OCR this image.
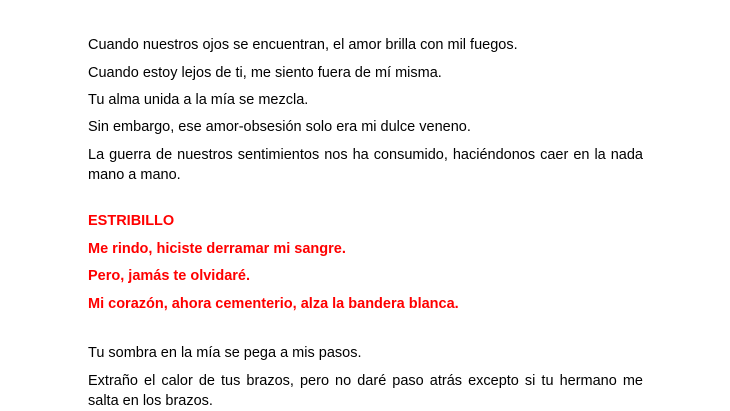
Cuando nuestros ojos se encuentran, el amor brilla con mil fuegos.

Cuando estoy lejos de ti, me siento fuera de mí misma.

Tu alma unida a la mía se mezcla.

Sin embargo, ese amor-obsesión solo era mi dulce veneno.

La guerra de nuestros sentimientos nos ha consumido, haciéndonos caer en la nada mano a mano.

ESTRIBILLO

Me rindo, hiciste derramar mi sangre.

Pero, jamás te olvidaré.

Mi corazón, ahora cementerio, alza la bandera blanca.

Tu sombra en la mía se pega a mis pasos.

Extraño el calor de tus brazos, pero no daré paso atrás excepto si tu hermano me salta en los brazos.
